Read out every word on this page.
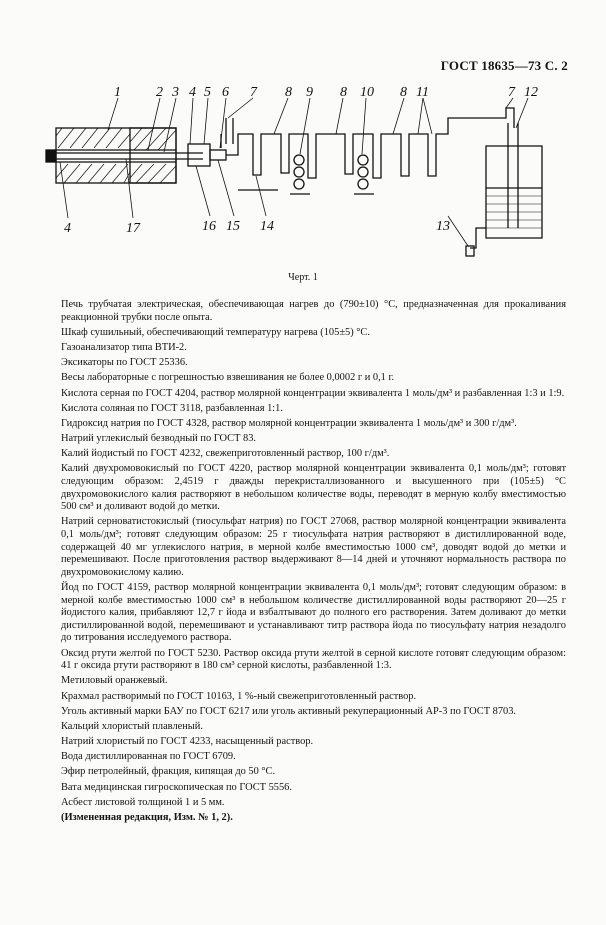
ГОСТ 18635—73 С. 2
1	2 3 4 5 6 7 8 9 8 10 8 11	7 12
4	17	16 15 14	13
Черт. 1

Печь трубчатая электрическая, обеспечивающая нагрев до (790±10) °С, предназначенная для прокаливания реакционной трубки после опыта.

Шкаф сушильный, обеспечивающий температуру нагрева (105±5) °С.

Газоанализатор типа ВТИ-2.

Эксикаторы по ГОСТ 25336.

Весы лабораторные с погрешностью взвешивания не более 0,0002 г и 0,1 г.

Кислота серная по ГОСТ 4204, раствор молярной концентрации эквивалента 1 моль/дм³ и разбавленная 1:3 и 1:9.

Кислота соляная по ГОСТ 3118, разбавленная 1:1.

Гидроксид натрия по ГОСТ 4328, раствор молярной концентрации эквивалента 1 моль/дм³ и 300 г/дм³.

Натрий углекислый безводный по ГОСТ 83.

Калий йодистый по ГОСТ 4232, свежеприготовленный раствор, 100 г/дм³.

Калий двухромовокислый по ГОСТ 4220, раствор молярной концентрации эквивалента 0,1 моль/дм³; готовят следующим образом: 2,4519 г дважды перекристаллизованного и высушенного при (105±5) °С двухромовокислого калия растворяют в небольшом количестве воды, переводят в мерную колбу вместимостью 500 см³ и доливают водой до метки.

Натрий серноватистокислый (тиосульфат натрия) по ГОСТ 27068, раствор молярной концентрации эквивалента 0,1 моль/дм³; готовят следующим образом: 25 г тиосульфата натрия растворяют в дистиллированной воде, содержащей 40 мг углекислого натрия, в мерной колбе вместимостью 1000 см³, доводят водой до метки и перемешивают. После приготовления раствор выдерживают 8—14 дней и уточняют нормальность раствора по двухромовокислому калию.

Йод по ГОСТ 4159, раствор молярной концентрации эквивалента 0,1 моль/дм³; готовят следующим образом: в мерной колбе вместимостью 1000 см³ в небольшом количестве дистиллированной воды растворяют 20—25 г йодистого калия, прибавляют 12,7 г йода и взбалтывают до полного его растворения. Затем доливают до метки дистиллированной водой, перемешивают и устанавливают титр раствора йода по тиосульфату натрия незадолго до титрования исследуемого раствора.

Оксид ртути желтой по ГОСТ 5230. Раствор оксида ртути желтой в серной кислоте готовят следующим образом: 41 г оксида ртути растворяют в 180 см³ серной кислоты, разбавленной 1:3.

Метиловый оранжевый.

Крахмал растворимый по ГОСТ 10163, 1 %-ный свежеприготовленный раствор.

Уголь активный марки БАУ по ГОСТ 6217 или уголь активный рекуперационный АР-3 по ГОСТ 8703.

Кальций хлористый плавленый.

Натрий хлористый по ГОСТ 4233, насыщенный раствор.

Вода дистиллированная по ГОСТ 6709.

Эфир петролейный, фракция, кипящая до 50 °С.

Вата медицинская гигроскопическая по ГОСТ 5556.

Асбест листовой толщиной 1 и 5 мм.

(Измененная редакция, Изм. № 1, 2).
